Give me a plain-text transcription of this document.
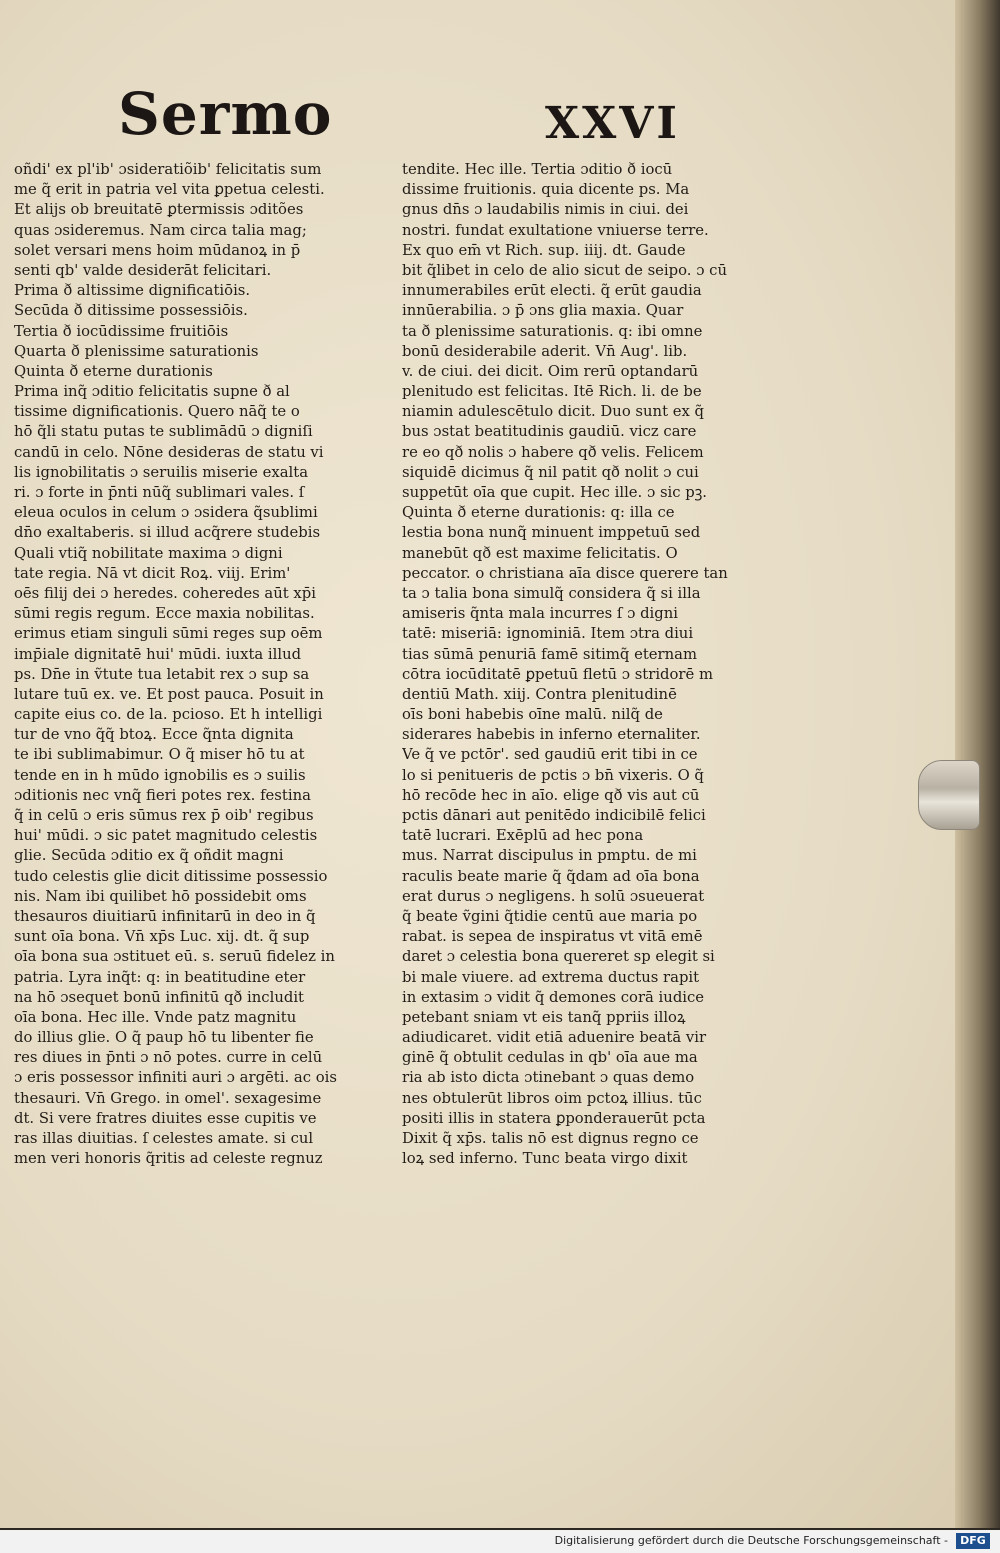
Sermo	XXVI
oñdi' ex pl'ib' ɔsideratiõib' felicitatis sum
me q̃ erit in patria vel vita ꝑpetua celesti.
Et alijs ob breuitatē ꝑtermissis ɔditões
quas ɔsideremus. Nam circa talia mag;
solet versari mens hoim mūdanoꝝ in p̄
senti qb' valde desiderāt felicitari.
Prima ð altissime dignificatiōis.
Secūda ð ditissime possessiōis.
Tertia ð iocūdissime fruitiōis
Quarta ð plenissime saturationis
Quinta ð eterne durationis
Prima inq̃ ɔditio felicitatis supne ð al
tissime dignificationis. Quero nāq̃ te o
hō q̃li statu putas te sublimādū ɔ digniſi
candū in celo. Nōne desideras de statu vi
lis ignobilitatis ɔ seruilis miserie exalta
ri. ɔ forte in p̄nti nūq̃ sublimari vales. ſ
eleua oculos in celum ɔ ɔsidera q̃sublimi
dn̄o exaltaberis. si illud acq̃rere studebis
Quali vtiq̃ nobilitate maxima ɔ digni
tate regia. Nā vt dicit Roꝝ. viij. Erim'
oēs filij dei ɔ heredes. coheredes aūt xp̄i
sūmi regis regum. Ecce maxia nobilitas.
erimus etiam singuli sūmi reges sup oēm
imp̄iale dignitatē hui' mūdi. iuxta illud
ps. Dn̄e in ṽtute tua letabit rex ɔ sup sa
lutare tuū ex. ve. Et post pauca. Posuit in
capite eius co. de la. pcioso. Et h intelligi
tur de vno q̃q̃ btoꝝ. Ecce q̃nta dignita
te ibi sublimabimur. O q̃ miser hō tu at
tende en in h mūdo ignobilis es ɔ suilis
ɔditionis nec vnq̃ fieri potes rex. festina
q̃ in celū ɔ eris sūmus rex p̄ oib' regibus
hui' mūdi. ɔ sic patet magnitudo celestis
glie. Secūda ɔditio ex q̃ oñdit magni
tudo celestis glie dicit ditissime possessio
nis. Nam ibi quilibet hō possidebit oms
thesauros diuitiarū infinitarū in deo in q̃
sunt oīa bona. Vn̄ xp̄s Luc. xij. dt. q̃ sup
oīa bona sua ɔstituet eū. s. seruū fidelez in
patria. Lyra inq̃t: q: in beatitudine eter
na hō ɔsequet bonū infinitū qð includit
oīa bona. Hec ille. Vnde patz magnitu
do illius glie. O q̃ paup hō tu libenter fie
res diues in p̄nti ɔ nō potes. curre in celū
ɔ eris possessor infiniti auri ɔ argēti. ac ois
thesauri. Vn̄ Grego. in omel'. sexagesime
dt. Si vere fratres diuites esse cupitis ve
ras illas diuitias. ſ celestes amate. si cul
men veri honoris q̃ritis ad celeste regnuz
tendite. Hec ille. Tertia ɔditio ð iocū
dissime fruitionis. quia dicente ps. Ma
gnus dn̄s ɔ laudabilis nimis in ciui. dei
nostri. fundat exultatione vniuerse terre.
Ex quo em̄ vt Rich. sup. iiij. dt. Gaude
bit q̃libet in celo de alio sicut de seipo. ɔ cū
innumerabiles erūt electi. q̃ erūt gaudia
innūerabilia. ɔ p̄ ɔns glia maxia. Quar
ta ð plenissime saturationis. q: ibi omne
bonū desiderabile aderit. Vn̄ Aug'. lib.
v. de ciui. dei dicit. Oim rerū optandarū
plenitudo est felicitas. Itē Rich. li. de be
niamin adulescētulo dicit. Duo sunt ex q̃
bus ɔstat beatitudinis gaudiū. vicz care
re eo qð nolis ɔ habere qð velis. Felicem
siquidē dicimus q̃ nil patit qð nolit ɔ cui
suppetūt oīa que cupit. Hec ille. ɔ sic pꝫ.
Quinta ð eterne durationis: q: illa ce
lestia bona nunq̃ minuent imppetuū sed
manebūt qð est maxime felicitatis. O
peccator. o christiana aīa disce querere tan
ta ɔ talia bona simulq̃ considera q̃ si illa
amiseris q̃nta mala incurres ſ ɔ digni
tatē: miseriā: ignominiā. Item ɔtra diui
tias sūmā penuriā famē sitimq̃ eternam
cōtra iocūditatē ꝑpetuū fletū ɔ stridorē m
dentiū Math. xiij. Contra plenitudinē
oīs boni habebis oīne malū. nilq̃ de
siderares habebis in inferno eternaliter.
Ve q̃ ve pctōr'. sed gaudiū erit tibi in ce
lo si penitueris de pctis ɔ bn̄ vixeris. O q̃
hō recōde hec in aīo. elige qð vis aut cū
pctis dānari aut penitēdo indicibilē felici
tatē lucrari. Exēplū ad hec pona
mus. Narrat discipulus in pmptu. de mi
raculis beate marie q̃ q̃dam ad oīa bona
erat durus ɔ negligens. h solū ɔsueuerat
q̃ beate ṽgini q̃tidie centū aue maria po
rabat. is sepea de inspiratus vt vitā emē
daret ɔ celestia bona quereret sp elegit si
bi male viuere. ad extrema ductus rapit
in extasim ɔ vidit q̃ demones corā iudice
petebant sniam vt eis tanq̃ ppriis illoꝝ
adiudicaret. vidit etiā aduenire beatā vir
ginē q̃ obtulit cedulas in qb' oīa aue ma
ria ab isto dicta ɔtinebant ɔ quas demo
nes obtulerūt libros oim pctoꝝ illius. tūc
positi illis in statera ꝑponderauerūt pcta
Dixit q̃ xp̄s. talis nō est dignus regno ce
loꝝ sed inferno. Tunc beata virgo dixit
Digitalisierung gefördert durch die Deutsche Forschungsgemeinschaft -	DFG
